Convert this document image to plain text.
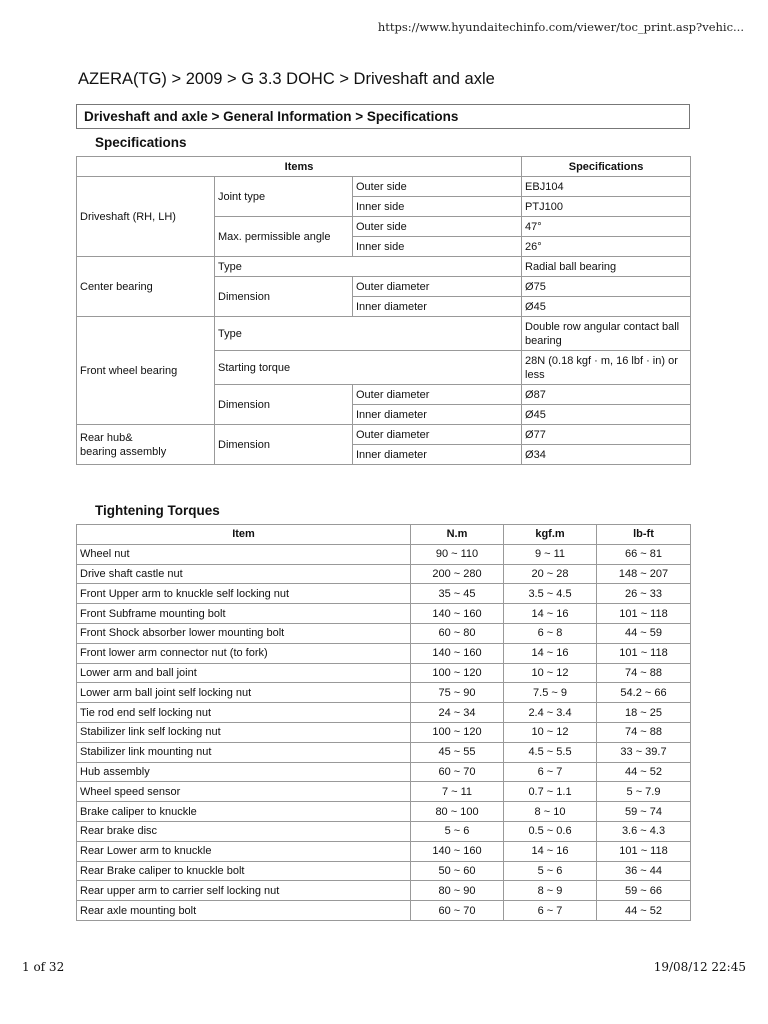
https://www.hyundaitechinfo.com/viewer/toc_print.asp?vehic...
AZERA(TG) > 2009 > G 3.3 DOHC > Driveshaft and axle
Driveshaft and axle > General Information > Specifications
Specifications
Items			Specifications
Driveshaft (RH, LH)	Joint type	Outer side	EBJ104
		Inner side	PTJ100
	Max. permissible angle	Outer side	47°
		Inner side	26°
Center bearing	Type		Radial ball bearing
	Dimension	Outer diameter	Ø75
		Inner diameter	Ø45
Front wheel bearing	Type		Double row angular contact ball bearing
	Starting torque		28N (0.18 kgf · m, 16 lbf · in) or less
	Dimension	Outer diameter	Ø87
		Inner diameter	Ø45
Rear hub&
bearing assembly	Dimension	Outer diameter	Ø77
		Inner diameter	Ø34
Tightening Torques
Item	N.m	kgf.m	lb-ft
Wheel nut	90 ~ 110	9 ~ 11	66 ~ 81
Drive shaft castle nut	200 ~ 280	20 ~ 28	148 ~ 207
Front Upper arm to knuckle self locking nut	35 ~ 45	3.5 ~ 4.5	26 ~ 33
Front Subframe mounting bolt	140 ~ 160	14 ~ 16	101 ~ 118
Front Shock absorber lower mounting bolt	60 ~ 80	6 ~ 8	44 ~ 59
Front lower arm connector nut (to fork)	140 ~ 160	14 ~ 16	101 ~ 118
Lower arm and ball joint	100 ~ 120	10 ~ 12	74 ~ 88
Lower arm ball joint self locking nut	75 ~ 90	7.5 ~ 9	54.2 ~ 66
Tie rod end self locking nut	24 ~ 34	2.4 ~ 3.4	18 ~ 25
Stabilizer link self locking nut	100 ~ 120	10 ~ 12	74 ~ 88
Stabilizer link mounting nut	45 ~ 55	4.5 ~ 5.5	33 ~ 39.7
Hub assembly	60 ~ 70	6 ~ 7	44 ~ 52
Wheel speed sensor	7 ~ 11	0.7 ~ 1.1	5 ~ 7.9
Brake caliper to knuckle	80 ~ 100	8 ~ 10	59 ~ 74
Rear brake disc	5 ~ 6	0.5 ~ 0.6	3.6 ~ 4.3
Rear Lower arm to knuckle	140 ~ 160	14 ~ 16	101 ~ 118
Rear Brake caliper to knuckle bolt	50 ~ 60	5 ~ 6	36 ~ 44
Rear upper arm to carrier self locking nut	80 ~ 90	8 ~ 9	59 ~ 66
Rear axle mounting bolt	60 ~ 70	6 ~ 7	44 ~ 52
1 of 32	19/08/12 22:45
